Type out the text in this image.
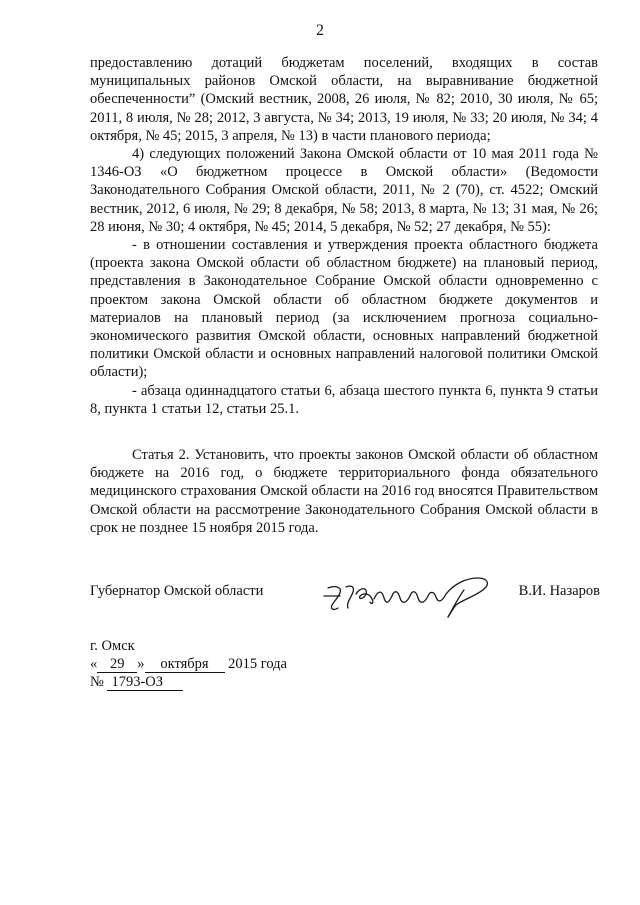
2

предоставлению дотаций бюджетам поселений, входящих в состав муниципальных районов Омской области, на выравнивание бюджетной обеспеченности” (Омский вестник, 2008, 26 июля, № 82; 2010, 30 июля, № 65; 2011, 8 июля, № 28; 2012, 3 августа, № 34; 2013, 19 июля, № 33; 20 июля, № 34; 4 октября, № 45; 2015, 3 апреля, № 13) в части планового периода;

4) следующих положений Закона Омской области от 10 мая 2011 года № 1346-ОЗ «О бюджетном процессе в Омской области» (Ведомости Законодательного Собрания Омской области, 2011, № 2 (70), ст. 4522; Омский вестник, 2012, 6 июля, № 29; 8 декабря, № 58; 2013, 8 марта, № 13; 31 мая, № 26; 28 июня, № 30; 4 октября, № 45; 2014, 5 декабря, № 52; 27 декабря, № 55):

- в отношении составления и утверждения проекта областного бюджета (проекта закона Омской области об областном бюджете) на плановый период, представления в Законодательное Собрание Омской области одновременно с проектом закона Омской области об областном бюджете документов и материалов на плановый период (за исключением прогноза социально-экономического развития Омской области, основных направлений бюджетной политики Омской области и основных направлений налоговой политики Омской области);

- абзаца одиннадцатого статьи 6, абзаца шестого пункта 6, пункта 9 статьи 8, пункта 1 статьи 12, статьи 25.1.

Статья 2. Установить, что проекты законов Омской области об областном бюджете на 2016 год, о бюджете территориального фонда обязательного медицинского страхования Омской области на 2016 год вносятся Правительством Омской области на рассмотрение Законодательного Собрания Омской области в срок не позднее 15 ноября 2015 года.

Губернатор Омской области	В.И. Назаров
г. Омск
« 29 » октября 2015 года
№ 1793-ОЗ
